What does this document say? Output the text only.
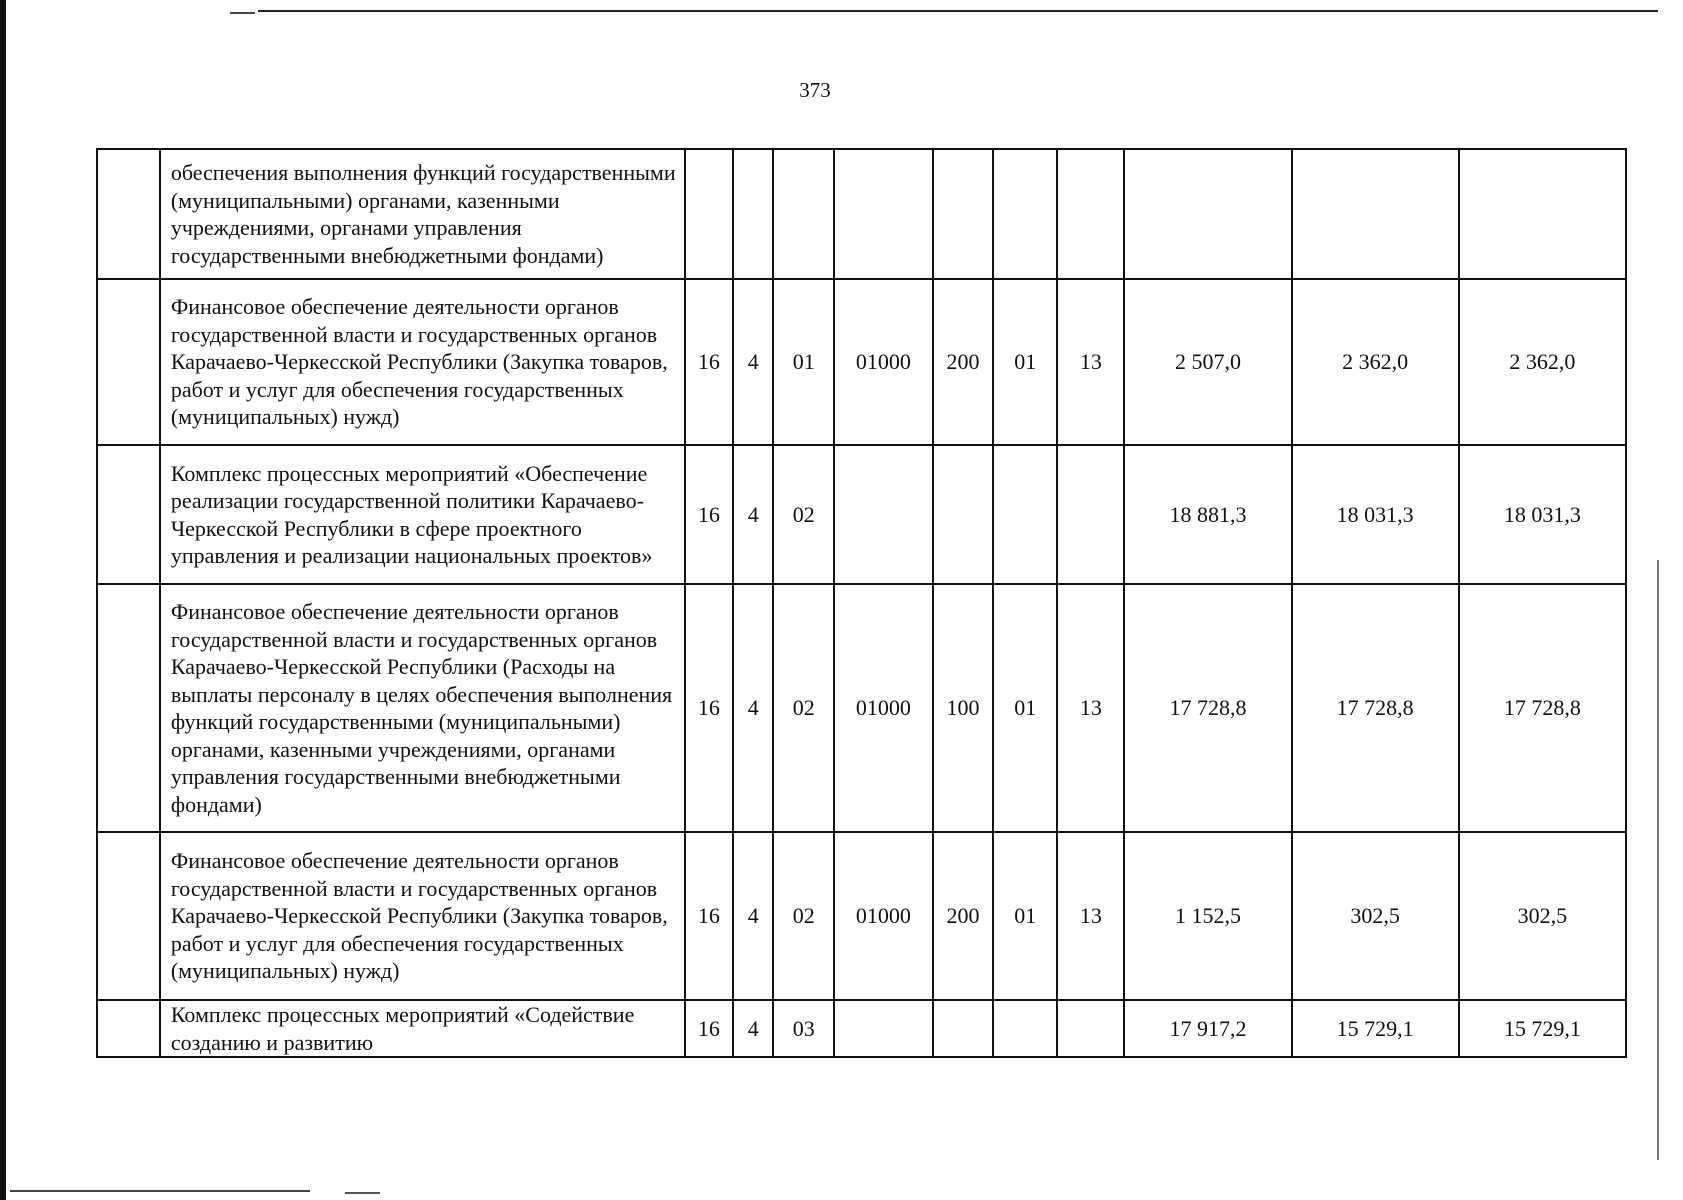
373
	обеспечения выполнения функций государственными (муниципальными) органами, казенными учреждениями, органами управления государственными внебюджетными фондами)										
	Финансовое обеспечение деятельности органов государственной власти и государственных органов Карачаево-Черкесской Республики (Закупка товаров, работ и услуг для обеспечения государственных (муниципальных) нужд)	16	4	01	01000	200	01	13	2 507,0	2 362,0	2 362,0
	Комплекс процессных мероприятий «Обеспечение реализации государственной политики Карачаево-Черкесской Республики в сфере проектного управления и реализации национальных проектов»	16	4	02					18 881,3	18 031,3	18 031,3
	Финансовое обеспечение деятельности органов государственной власти и государственных органов Карачаево-Черкесской Республики (Расходы на выплаты персоналу в целях обеспечения выполнения функций государственными (муниципальными) органами, казенными учреждениями, органами управления государственными внебюджетными фондами)	16	4	02	01000	100	01	13	17 728,8	17 728,8	17 728,8
	Финансовое обеспечение деятельности органов государственной власти и государственных органов Карачаево-Черкесской Республики (Закупка товаров, работ и услуг для обеспечения государственных (муниципальных) нужд)	16	4	02	01000	200	01	13	1 152,5	302,5	302,5
	Комплекс процессных мероприятий «Содействие созданию и развитию	16	4	03					17 917,2	15 729,1	15 729,1
